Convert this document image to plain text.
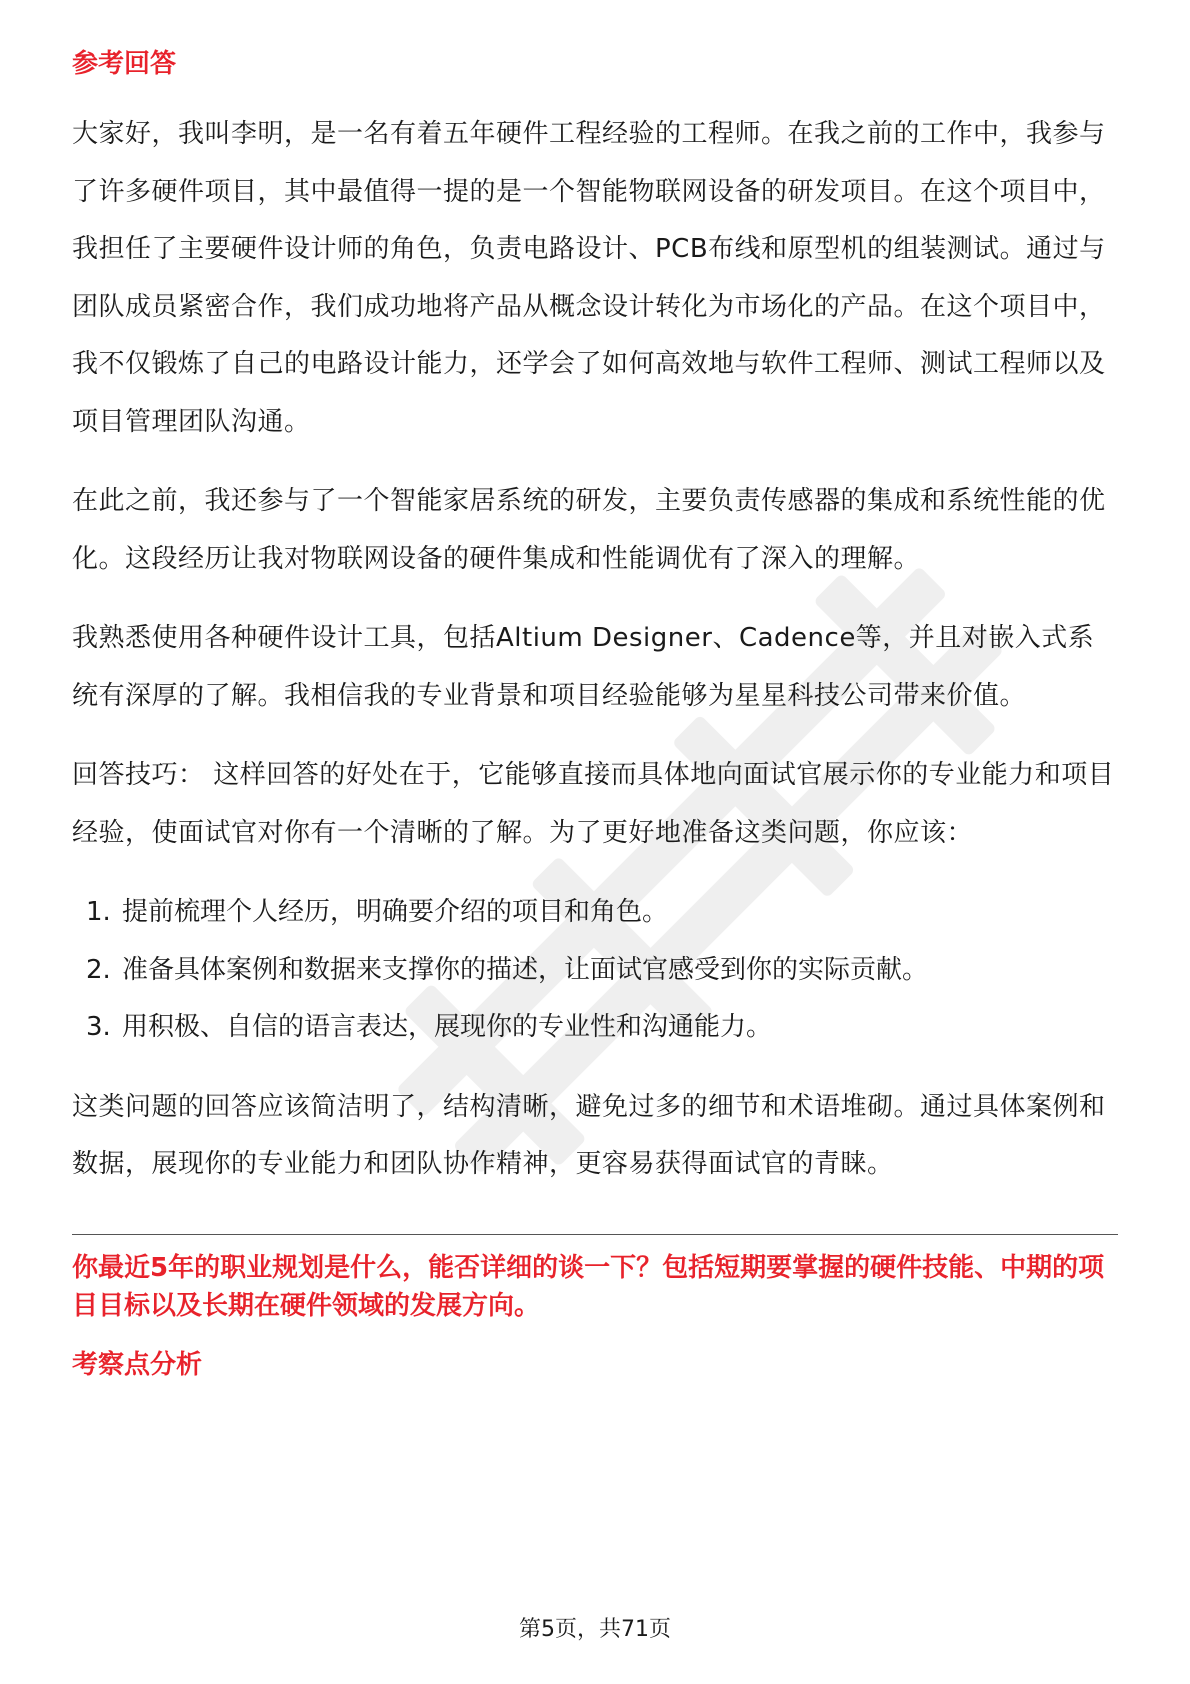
参考回答

大家好，我叫李明，是一名有着五年硬件工程经验的工程师。在我之前的工作中，我参与了许多硬件项目，其中最值得一提的是一个智能物联网设备的研发项目。在这个项目中，我担任了主要硬件设计师的角色，负责电路设计、PCB布线和原型机的组装测试。通过与团队成员紧密合作，我们成功地将产品从概念设计转化为市场化的产品。在这个项目中，我不仅锻炼了自己的电路设计能力，还学会了如何高效地与软件工程师、测试工程师以及项目管理团队沟通。

在此之前，我还参与了一个智能家居系统的研发，主要负责传感器的集成和系统性能的优化。这段经历让我对物联网设备的硬件集成和性能调优有了深入的理解。

我熟悉使用各种硬件设计工具，包括Altium Designer、Cadence等，并且对嵌入式系统有深厚的了解。我相信我的专业背景和项目经验能够为星星科技公司带来价值。

回答技巧： 这样回答的好处在于，它能够直接而具体地向面试官展示你的专业能力和项目经验，使面试官对你有一个清晰的了解。为了更好地准备这类问题，你应该：

1. 提前梳理个人经历，明确要介绍的项目和角色。
2. 准备具体案例和数据来支撑你的描述，让面试官感受到你的实际贡献。
3. 用积极、自信的语言表达，展现你的专业性和沟通能力。

这类问题的回答应该简洁明了，结构清晰，避免过多的细节和术语堆砌。通过具体案例和数据，展现你的专业能力和团队协作精神，更容易获得面试官的青睐。

你最近5年的职业规划是什么，能否详细的谈一下？包括短期要掌握的硬件技能、中期的项目目标以及长期在硬件领域的发展方向。

考察点分析
第5页，共71页
